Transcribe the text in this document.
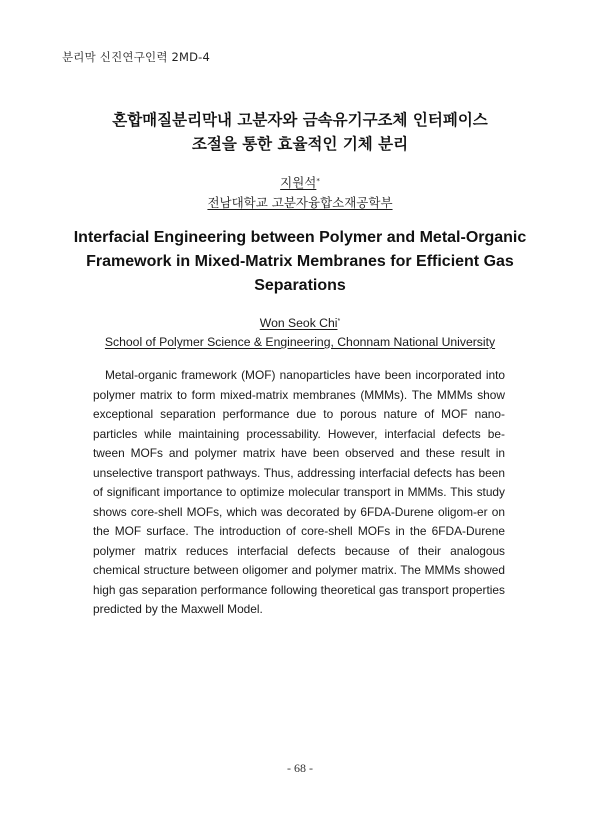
분리막 신진연구인력 2MD-4
혼합매질분리막내 고분자와 금속유기구조체 인터페이스
조절을 통한 효율적인 기체 분리
지원석*
전남대학교 고분자융합소재공학부
Interfacial Engineering between Polymer and Metal-Organic
Framework in Mixed-Matrix Membranes for Efficient Gas
Separations
Won Seok Chi*
School of Polymer Science & Engineering, Chonnam National University

Metal-organic framework (MOF) nanoparticles have been incorporated into polymer matrix to form mixed-matrix membranes (MMMs). The MMMs show exceptional separation performance due to porous nature of MOF nano-particles while maintaining processability. However, interfacial defects be-tween MOFs and polymer matrix have been observed and these result in unselective transport pathways. Thus, addressing interfacial defects has been of significant importance to optimize molecular transport in MMMs. This study shows core-shell MOFs, which was decorated by 6FDA-Durene oligom-er on the MOF surface. The introduction of core-shell MOFs in the 6FDA-Durene polymer matrix reduces interfacial defects because of their analogous chemical structure between oligomer and polymer matrix. The MMMs showed high gas separation performance following theoretical gas transport properties predicted by the Maxwell Model.

- 68 -
